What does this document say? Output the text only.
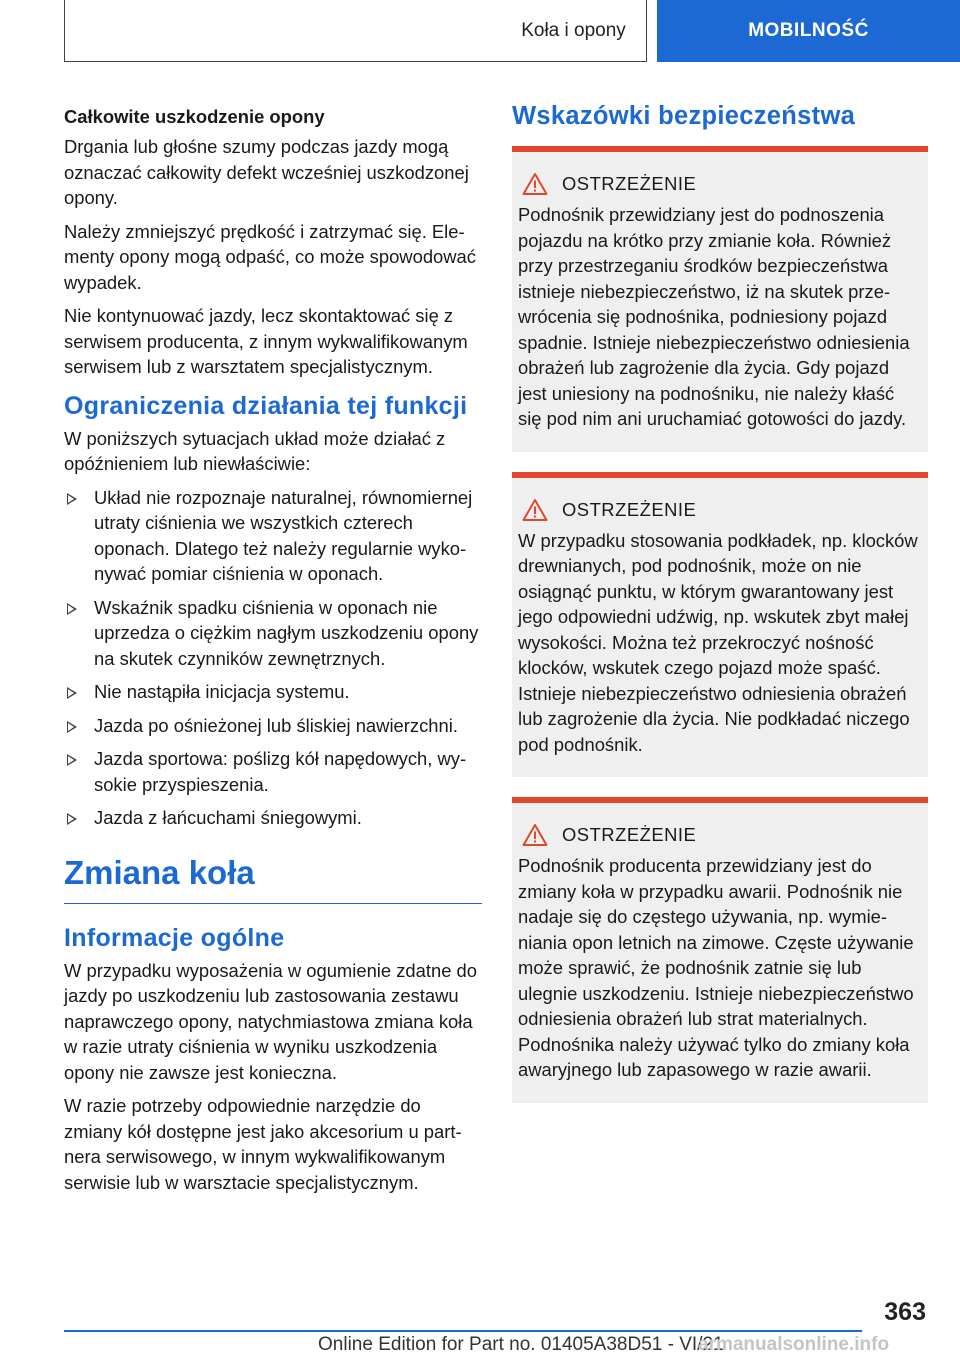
Koła i opony	MOBILNOŚĆ
Całkowite uszkodzenie opony

Drgania lub głośne szumy podczas jazdy mogą oznaczać całkowity defekt wcześniej uszkodzonej opony.

Należy zmniejszyć prędkość i zatrzymać się. Elementy opony mogą odpaść, co może spowodować wypadek.

Nie kontynuować jazdy, lecz skontaktować się z serwisem producenta, z innym wykwalifikowanym serwisem lub z warsztatem specjalistycznym.

Ograniczenia działania tej funkcji

W poniższych sytuacjach układ może działać z opóźnieniem lub niewłaściwie:

Układ nie rozpoznaje naturalnej, równomiernej utraty ciśnienia we wszystkich czterech oponach. Dlatego też należy regularnie wykonywać pomiar ciśnienia w oponach.
Wskaźnik spadku ciśnienia w oponach nie uprzedza o ciężkim nagłym uszkodzeniu opony na skutek czynników zewnętrznych.
Nie nastąpiła inicjacja systemu.
Jazda po ośnieżonej lub śliskiej nawierzchni.
Jazda sportowa: poślizg kół napędowych, wysokie przyspieszenia.
Jazda z łańcuchami śniegowymi.
Zmiana koła
Informacje ogólne

W przypadku wyposażenia w ogumienie zdatne do jazdy po uszkodzeniu lub zastosowania zestawu naprawczego opony, natychmiastowa zmiana koła w razie utraty ciśnienia w wyniku uszkodzenia opony nie zawsze jest konieczna.

W razie potrzeby odpowiednie narzędzie do zmiany kół dostępne jest jako akcesorium u partnera serwisowego, w innym wykwalifikowanym serwisie lub w warsztacie specjalistycznym.

Wskazówki bezpieczeństwa
OSTRZEŻENIE

Podnośnik przewidziany jest do podnoszenia pojazdu na krótko przy zmianie koła. Również przy przestrzeganiu środków bezpieczeństwa istnieje niebezpieczeństwo, iż na skutek przewrócenia się podnośnika, podniesiony pojazd spadnie. Istnieje niebezpieczeństwo odniesienia obrażeń lub zagrożenie dla życia. Gdy pojazd jest uniesiony na podnośniku, nie należy kłaść się pod nim ani uruchamiać gotowości do jazdy.

OSTRZEŻENIE

W przypadku stosowania podkładek, np. klocków drewnianych, pod podnośnik, może on nie osiągnąć punktu, w którym gwarantowany jest jego odpowiedni udźwig, np. wskutek zbyt małej wysokości. Można też przekroczyć nośność klocków, wskutek czego pojazd może spaść. Istnieje niebezpieczeństwo odniesienia obrażeń lub zagrożenie dla życia. Nie podkładać niczego pod podnośnik.

OSTRZEŻENIE

Podnośnik producenta przewidziany jest do zmiany koła w przypadku awarii. Podnośnik nie nadaje się do częstego używania, np. wymieniania opon letnich na zimowe. Częste używanie może sprawić, że podnośnik zatnie się lub ulegnie uszkodzeniu. Istnieje niebezpieczeństwo odniesienia obrażeń lub strat materialnych. Podnośnika należy używać tylko do zmiany koła awaryjnego lub zapasowego w razie awarii.

363
Online Edition for Part no. 01405A38D51 - VI/21
armanualsonline.info
